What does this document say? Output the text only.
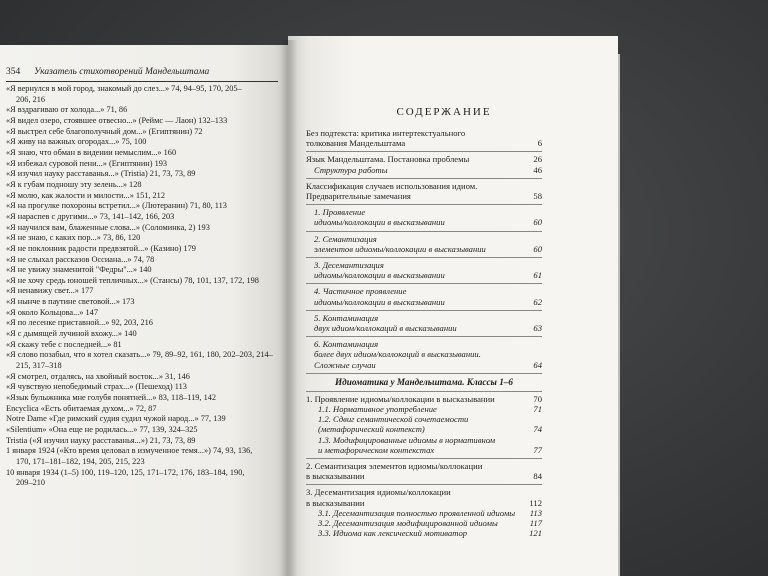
354 Указатель стихотворений Мандельштама
«Я вернулся в мой город, знакомый до слез...» 74, 94–95, 170, 205–
206, 216
«Я вздрагиваю от холода...» 71, 86
«Я видел озеро, стоявшее отвесно...» (Реймс — Лаон) 132–133
«Я выстрел себе благополучный дом...» (Египтянин) 72
«Я живу на важных огородах...» 75, 100
«Я знаю, что обман в видении немыслим...» 160
«Я избежал суровой пени...» (Египтянин) 193
«Я изучил науку расставанья...» (Tristia) 21, 73, 73, 89
«Я к губам подношу эту зелень...» 128
«Я молю, как жалости и милости...» 151, 212
«Я на прогулке похороны встретил...» (Лютеранин) 71, 80, 113
«Я нараспев с другими...» 73, 141–142, 166, 203
«Я научился вам, блаженные слова...» (Соломинка, 2) 193
«Я не знаю, с каких пор...» 73, 86, 120
«Я не поклонник радости предвзятой...» (Казино) 179
«Я не слыхал рассказов Оссиана...» 74, 78
«Я не увижу знаменитой "Федры"...» 140
«Я не хочу средь юношей тепличных...» (Стансы) 78, 101, 137, 172, 198
«Я ненавижу свет...» 177
«Я нынче в паутине световой...» 173
«Я около Кольцова...» 147
«Я по лесенке приставной...» 92, 203, 216
«Я с дымящей лучиной вхожу...» 140
«Я скажу тебе с последней...» 81
«Я слово позабыл, что я хотел сказать...» 79, 89–92, 161, 180, 202–203, 214–
215, 317–318
«Я смотрел, отдалясь, на хвойный восток...» 31, 146
«Я чувствую непобедимый страх...» (Пешеход) 113
«Язык булыжника мне голубя понятней...» 83, 118–119, 142
Encyclica «Есть обитаемая духом...» 72, 87
Notre Dame «Где римский судия судил чужой народ...» 77, 139
«Silentium» «Она еще не родилась...» 77, 139, 324–325
Tristia («Я изучил науку расставанья...») 21, 73, 73, 89
1 января 1924 («Кто время целовал в измученное темя...») 74, 93, 136,
170, 171–181–182, 194, 205, 215, 223
10 января 1934 (1–5) 100, 119–120, 125, 171–172, 176, 183–184, 190,
209–210
СОДЕРЖАНИЕ
Без подтекста: критика интертекстуального
толкования Мандельштама	6
Язык Мандельштама. Постановка проблемы	26
Структура работы	46
Классификация случаев использования идиом.
Предварительные замечания	58
1. Проявление
идиомы/коллокации в высказывании	60
2. Семантизация
элементов идиомы/коллокации в высказывании	60
3. Десемантизация
идиомы/коллокации в высказывании	61
4. Частичное проявление
идиомы/коллокации в высказывании	62
5. Контаминация
двух идиом/коллокаций в высказывании	63
6. Контаминация
более двух идиом/коллокаций в высказывании.
Сложные случаи	64
Идиоматика у Мандельштама. Классы 1–6
1. Проявление идиомы/коллокации в высказывании	70
1.1. Нормативное употребление	71
1.2. Сдвиг семантической сочетаемости
(метафорический контекст)	74
1.3. Модифицированные идиомы в нормативном
и метафорическом контекстах	77
2. Семантизация элементов идиомы/коллокации
в высказывании	84
3. Десемантизация идиомы/коллокации
в высказывании	112
3.1. Десемантизация полностью проявленной идиомы	113
3.2. Десемантизация модифицированной идиомы	117
3.3. Идиома как лексический мотиватор	121
